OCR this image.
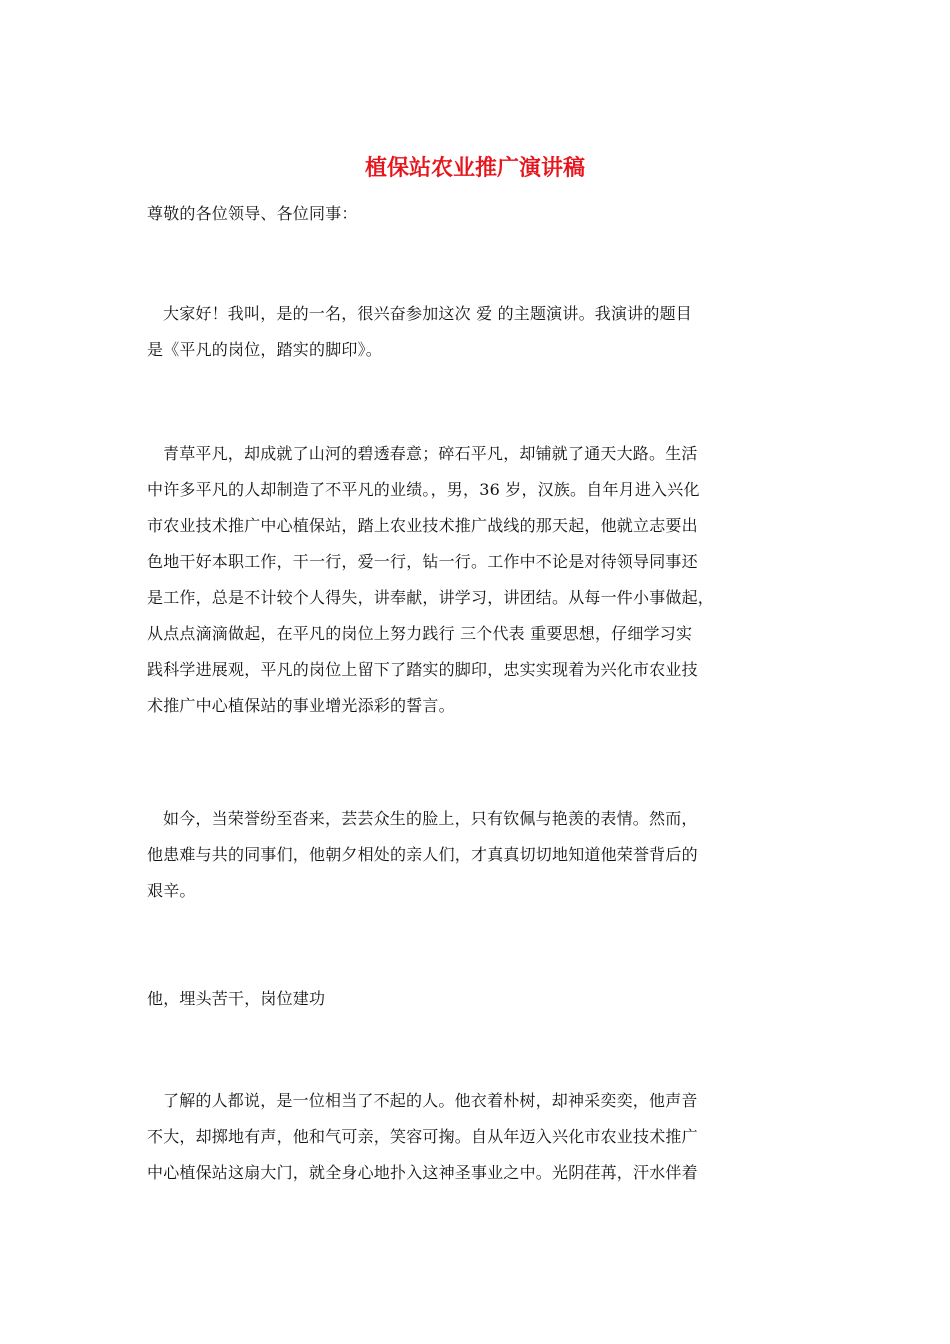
植保站农业推广演讲稿

尊敬的各位领导、各位同事：

大家好！我叫，是的一名，很兴奋参加这次 爱 的主题演讲。我演讲的题目
是《平凡的岗位，踏实的脚印》。

青草平凡，却成就了山河的碧透春意；碎石平凡，却铺就了通天大路。生活
中许多平凡的人却制造了不平凡的业绩。，男，36 岁，汉族。自年月进入兴化
市农业技术推广中心植保站，踏上农业技术推广战线的那天起，他就立志要出
色地干好本职工作，干一行，爱一行，钻一行。工作中不论是对待领导同事还
是工作，总是不计较个人得失，讲奉献，讲学习，讲团结。从每一件小事做起，
从点点滴滴做起，在平凡的岗位上努力践行 三个代表 重要思想，仔细学习实
践科学进展观，平凡的岗位上留下了踏实的脚印，忠实实现着为兴化市农业技
术推广中心植保站的事业增光添彩的誓言。

如今，当荣誉纷至沓来，芸芸众生的脸上，只有钦佩与艳羡的表情。然而，
他患难与共的同事们，他朝夕相处的亲人们，才真真切切地知道他荣誉背后的
艰辛。

他，埋头苦干，岗位建功

了解的人都说，是一位相当了不起的人。他衣着朴树，却神采奕奕，他声音
不大，却掷地有声，他和气可亲，笑容可掬。自从年迈入兴化市农业技术推广
中心植保站这扇大门，就全身心地扑入这神圣事业之中。光阴荏苒，汗水伴着
